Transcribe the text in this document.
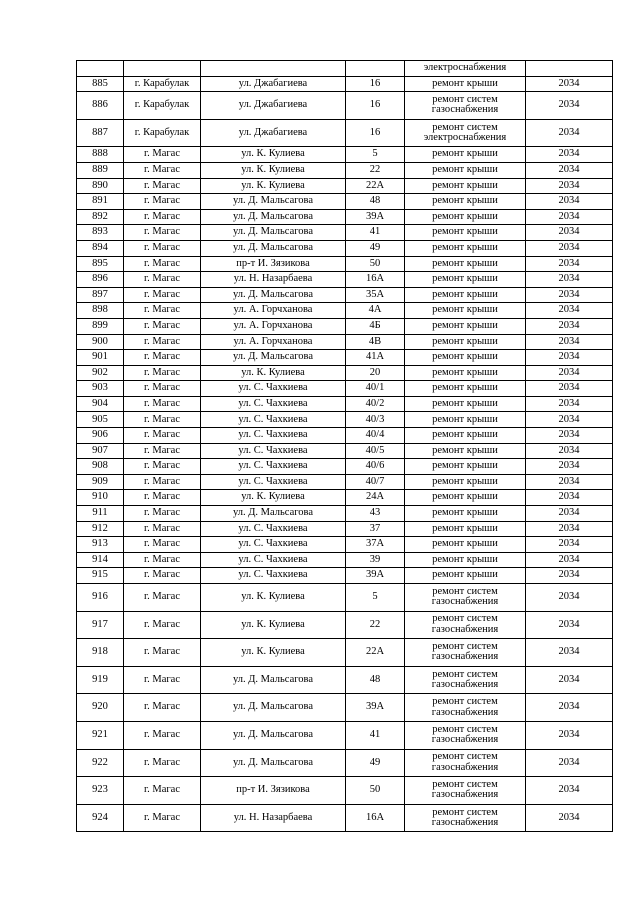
				электроснабжения	
885	г. Карабулак	ул. Джабагиева	16	ремонт крыши	2034
886	г. Карабулак	ул. Джабагиева	16	ремонт систем газоснабжения	2034
887	г. Карабулак	ул. Джабагиева	16	ремонт систем электроснабжения	2034
888	г. Магас	ул. К. Кулиева	5	ремонт крыши	2034
889	г. Магас	ул. К. Кулиева	22	ремонт крыши	2034
890	г. Магас	ул. К. Кулиева	22А	ремонт крыши	2034
891	г. Магас	ул. Д. Мальсагова	48	ремонт крыши	2034
892	г. Магас	ул. Д. Мальсагова	39А	ремонт крыши	2034
893	г. Магас	ул. Д. Мальсагова	41	ремонт крыши	2034
894	г. Магас	ул. Д. Мальсагова	49	ремонт крыши	2034
895	г. Магас	пр-т И. Зязикова	50	ремонт крыши	2034
896	г. Магас	ул. Н. Назарбаева	16А	ремонт крыши	2034
897	г. Магас	ул. Д. Мальсагова	35А	ремонт крыши	2034
898	г. Магас	ул. А. Горчханова	4А	ремонт крыши	2034
899	г. Магас	ул. А. Горчханова	4Б	ремонт крыши	2034
900	г. Магас	ул. А. Горчханова	4В	ремонт крыши	2034
901	г. Магас	ул. Д. Мальсагова	41А	ремонт крыши	2034
902	г. Магас	ул. К. Кулиева	20	ремонт крыши	2034
903	г. Магас	ул. С. Чахкиева	40/1	ремонт крыши	2034
904	г. Магас	ул. С. Чахкиева	40/2	ремонт крыши	2034
905	г. Магас	ул. С. Чахкиева	40/3	ремонт крыши	2034
906	г. Магас	ул. С. Чахкиева	40/4	ремонт крыши	2034
907	г. Магас	ул. С. Чахкиева	40/5	ремонт крыши	2034
908	г. Магас	ул. С. Чахкиева	40/6	ремонт крыши	2034
909	г. Магас	ул. С. Чахкиева	40/7	ремонт крыши	2034
910	г. Магас	ул. К. Кулиева	24А	ремонт крыши	2034
911	г. Магас	ул. Д. Мальсагова	43	ремонт крыши	2034
912	г. Магас	ул. С. Чахкиева	37	ремонт крыши	2034
913	г. Магас	ул. С. Чахкиева	37А	ремонт крыши	2034
914	г. Магас	ул. С. Чахкиева	39	ремонт крыши	2034
915	г. Магас	ул. С. Чахкиева	39А	ремонт крыши	2034
916	г. Магас	ул. К. Кулиева	5	ремонт систем газоснабжения	2034
917	г. Магас	ул. К. Кулиева	22	ремонт систем газоснабжения	2034
918	г. Магас	ул. К. Кулиева	22А	ремонт систем газоснабжения	2034
919	г. Магас	ул. Д. Мальсагова	48	ремонт систем газоснабжения	2034
920	г. Магас	ул. Д. Мальсагова	39А	ремонт систем газоснабжения	2034
921	г. Магас	ул. Д. Мальсагова	41	ремонт систем газоснабжения	2034
922	г. Магас	ул. Д. Мальсагова	49	ремонт систем газоснабжения	2034
923	г. Магас	пр-т И. Зязикова	50	ремонт систем газоснабжения	2034
924	г. Магас	ул. Н. Назарбаева	16А	ремонт систем газоснабжения	2034
